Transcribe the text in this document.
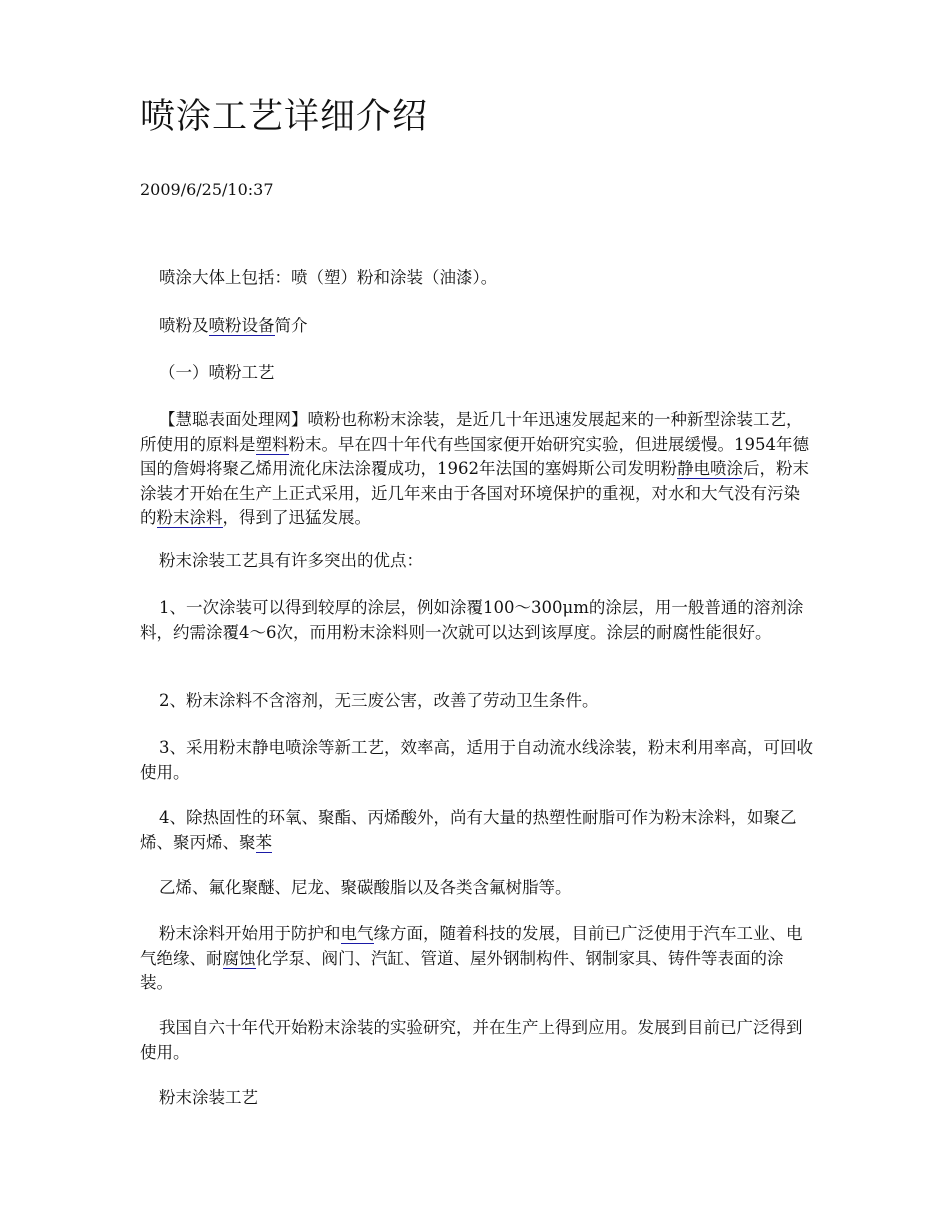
喷涂工艺详细介绍
2009/6/25/10:37

喷涂大体上包括：喷（塑）粉和涂装（油漆）。

喷粉及喷粉设备简介

（一）喷粉工艺

【慧聪表面处理网】喷粉也称粉末涂装，是近几十年迅速发展起来的一种新型涂装工艺，所使用的原料是塑料粉末。早在四十年代有些国家便开始研究实验，但进展缓慢。1954年德国的詹姆将聚乙烯用流化床法涂覆成功，1962年法国的塞姆斯公司发明粉静电喷涂后，粉末涂装才开始在生产上正式采用，近几年来由于各国对环境保护的重视，对水和大气没有污染的粉末涂料，得到了迅猛发展。

粉末涂装工艺具有许多突出的优点：

1、一次涂装可以得到较厚的涂层，例如涂覆100～300μm的涂层，用一般普通的溶剂涂料，约需涂覆4～6次，而用粉末涂料则一次就可以达到该厚度。涂层的耐腐性能很好。

2、粉末涂料不含溶剂，无三废公害，改善了劳动卫生条件。

3、采用粉末静电喷涂等新工艺，效率高，适用于自动流水线涂装，粉末利用率高，可回收使用。

4、除热固性的环氧、聚酯、丙烯酸外，尚有大量的热塑性耐脂可作为粉末涂料，如聚乙烯、聚丙烯、聚苯

乙烯、氟化聚醚、尼龙、聚碳酸脂以及各类含氟树脂等。

粉末涂料开始用于防护和电气缘方面，随着科技的发展，目前已广泛使用于汽车工业、电气绝缘、耐腐蚀化学泵、阀门、汽缸、管道、屋外钢制构件、钢制家具、铸件等表面的涂装。

我国自六十年代开始粉末涂装的实验研究，并在生产上得到应用。发展到目前已广泛得到使用。

粉末涂装工艺
